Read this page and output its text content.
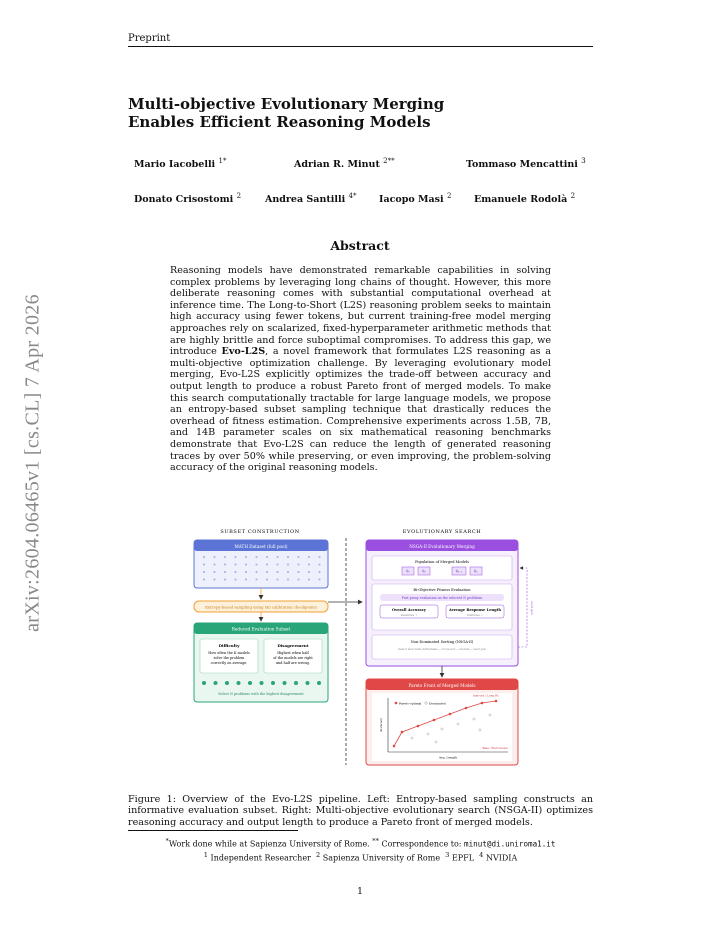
Preprint
arXiv:2604.06465v1 [cs.CL] 7 Apr 2026
Multi-objective Evolutionary Merging
Enables Efficient Reasoning Models
Mario Iacobelli $^{1*}$	Adrian R. Minut $^{2**}$	Tommaso Mencattini $^3$
Donato Crisostomi $^2$	Andrea Santilli $^{4*}$ Iacopo Masi $^2$ Emanuele Rodolà $^2$
Abstract
Reasoning models have demonstrated remarkable capabilities in solving complex problems by leveraging long chains of thought. However, this more deliberate reasoning comes with substantial computational overhead at inference time. The Long-to-Short (L2S) reasoning problem seeks to maintain high accuracy using fewer tokens, but current training-free model merging approaches rely on scalarized, fixed-hyperparameter arithmetic methods that are highly brittle and force suboptimal compromises. To address this gap, we introduce Evo-L2S, a novel framework that formulates L2S reasoning as a multi-objective optimization challenge. By leveraging evolutionary model merging, Evo-L2S explicitly optimizes the trade-off between accuracy and output length to produce a robust Pareto front of merged models. To make this search computationally tractable for large language models, we propose an entropy-based subset sampling technique that drastically reduces the overhead of fitness estimation. Comprehensive experiments across 1.5B, 7B, and 14B parameter scales on six mathematical reasoning benchmarks demonstrate that Evo-L2S can reduce the length of generated reasoning traces by over 50% while preserving, or even improving, the problem-solving accuracy of the original reasoning models.
SUBSET CONSTRUCTION	EVOLUTIONARY SEARCH
MATH Dataset (full pool)
Entropy-based sampling using (K) calibration checkpoints
Reduced Evaluation Subset
Difficulty
How often the K models
solve the problem
correctly on average.
Disagreement
Highest when half
of the models are right
and half are wrong.
Select N problems with the highest disagreement
NSGA-II Evolutionary Merging
Population of Merged Models
θ₁	θ₂	θₙ₋₁	θₙ
Bi-Objective Fitness Evaluation
Fast proxy evaluation on the selected N problems
Overall Accuracy
maximize ↑
Average Response Length
minimize ↓
Non-Dominated Sorting (NSGA-II)
Select best-rank individuals → crossover → mutate → next gen
next gen
Pareto Front of Merged Models
Pareto-optimal	Dominated
Instruct / Long R1
Base / Short model
Avg. Length
Accuracy
Figure 1: Overview of the Evo-L2S pipeline. Left: Entropy-based sampling constructs an informative evaluation subset. Right: Multi-objective evolutionary search (NSGA-II) optimizes reasoning accuracy and output length to produce a Pareto front of merged models.
*Work done while at Sapienza University of Rome. ** Correspondence to: minut@di.uniroma1.it
$^1$ Independent Researcher $^2$ Sapienza University of Rome $^3$ EPFL $^4$ NVIDIA
1
